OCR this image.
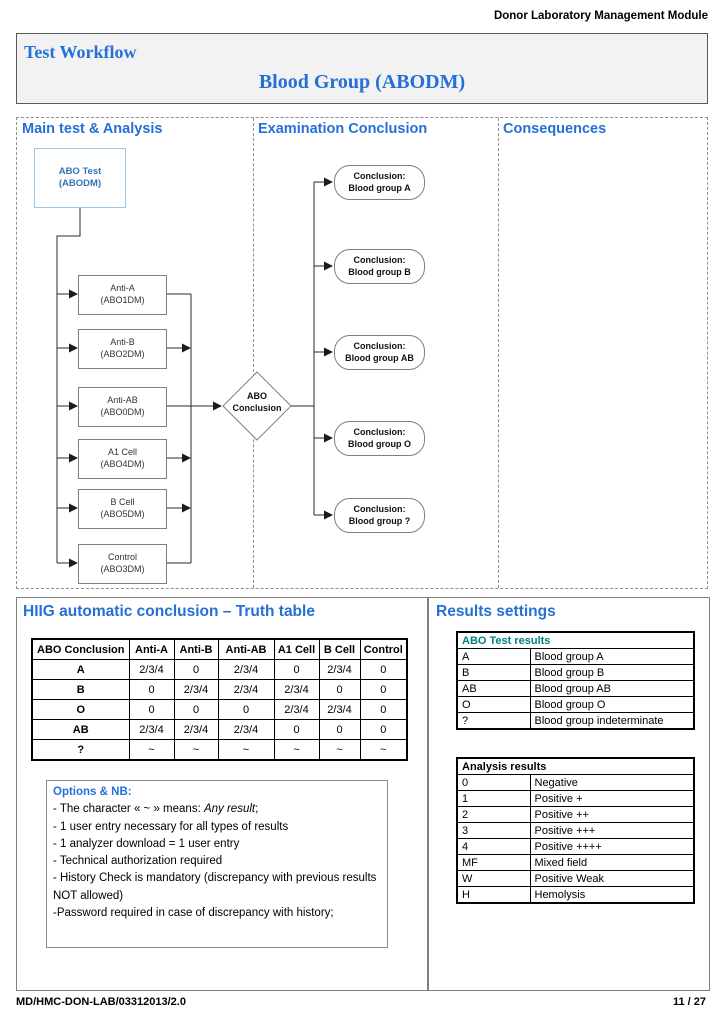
Donor Laboratory Management Module
Test Workflow
Blood Group (ABODM)
Main test & Analysis	Examination Conclusion	Consequences
ABO Test
(ABODM)
Anti-A
(ABO1DM)
Anti-B
(ABO2DM)
Anti-AB
(ABO0DM)
A1 Cell
(ABO4DM)
B Cell
(ABO5DM)
Control
(ABO3DM)
ABO
Conclusion
Conclusion:
Blood group A
Conclusion:
Blood group B
Conclusion:
Blood group AB
Conclusion:
Blood group O
Conclusion:
Blood group ?
HIIG automatic conclusion – Truth table
ABO Conclusion	Anti-A	Anti-B	Anti-AB	A1 Cell	B Cell	Control
A	2/3/4	0	2/3/4	0	2/3/4	0
B	0	2/3/4	2/3/4	2/3/4	0	0
O	0	0	0	2/3/4	2/3/4	0
AB	2/3/4	2/3/4	2/3/4	0	0	0
?	~	~	~	~	~	~
Options & NB:
- The character « ~ » means: Any result;
- 1 user entry necessary for all types of results
- 1 analyzer download = 1 user entry
- Technical authorization required
- History Check is mandatory (discrepancy with previous results NOT allowed)
-Password required in case of discrepancy with history;
Results settings
ABO Test results	
A	Blood group A
B	Blood group B
AB	Blood group AB
O	Blood group O
?	Blood group indeterminate
Analysis results	
0	Negative
1	Positive +
2	Positive ++
3	Positive +++
4	Positive ++++
MF	Mixed field
W	Positive Weak
H	Hemolysis
MD/HMC-DON-LAB/03312013/2.0	11 / 27
